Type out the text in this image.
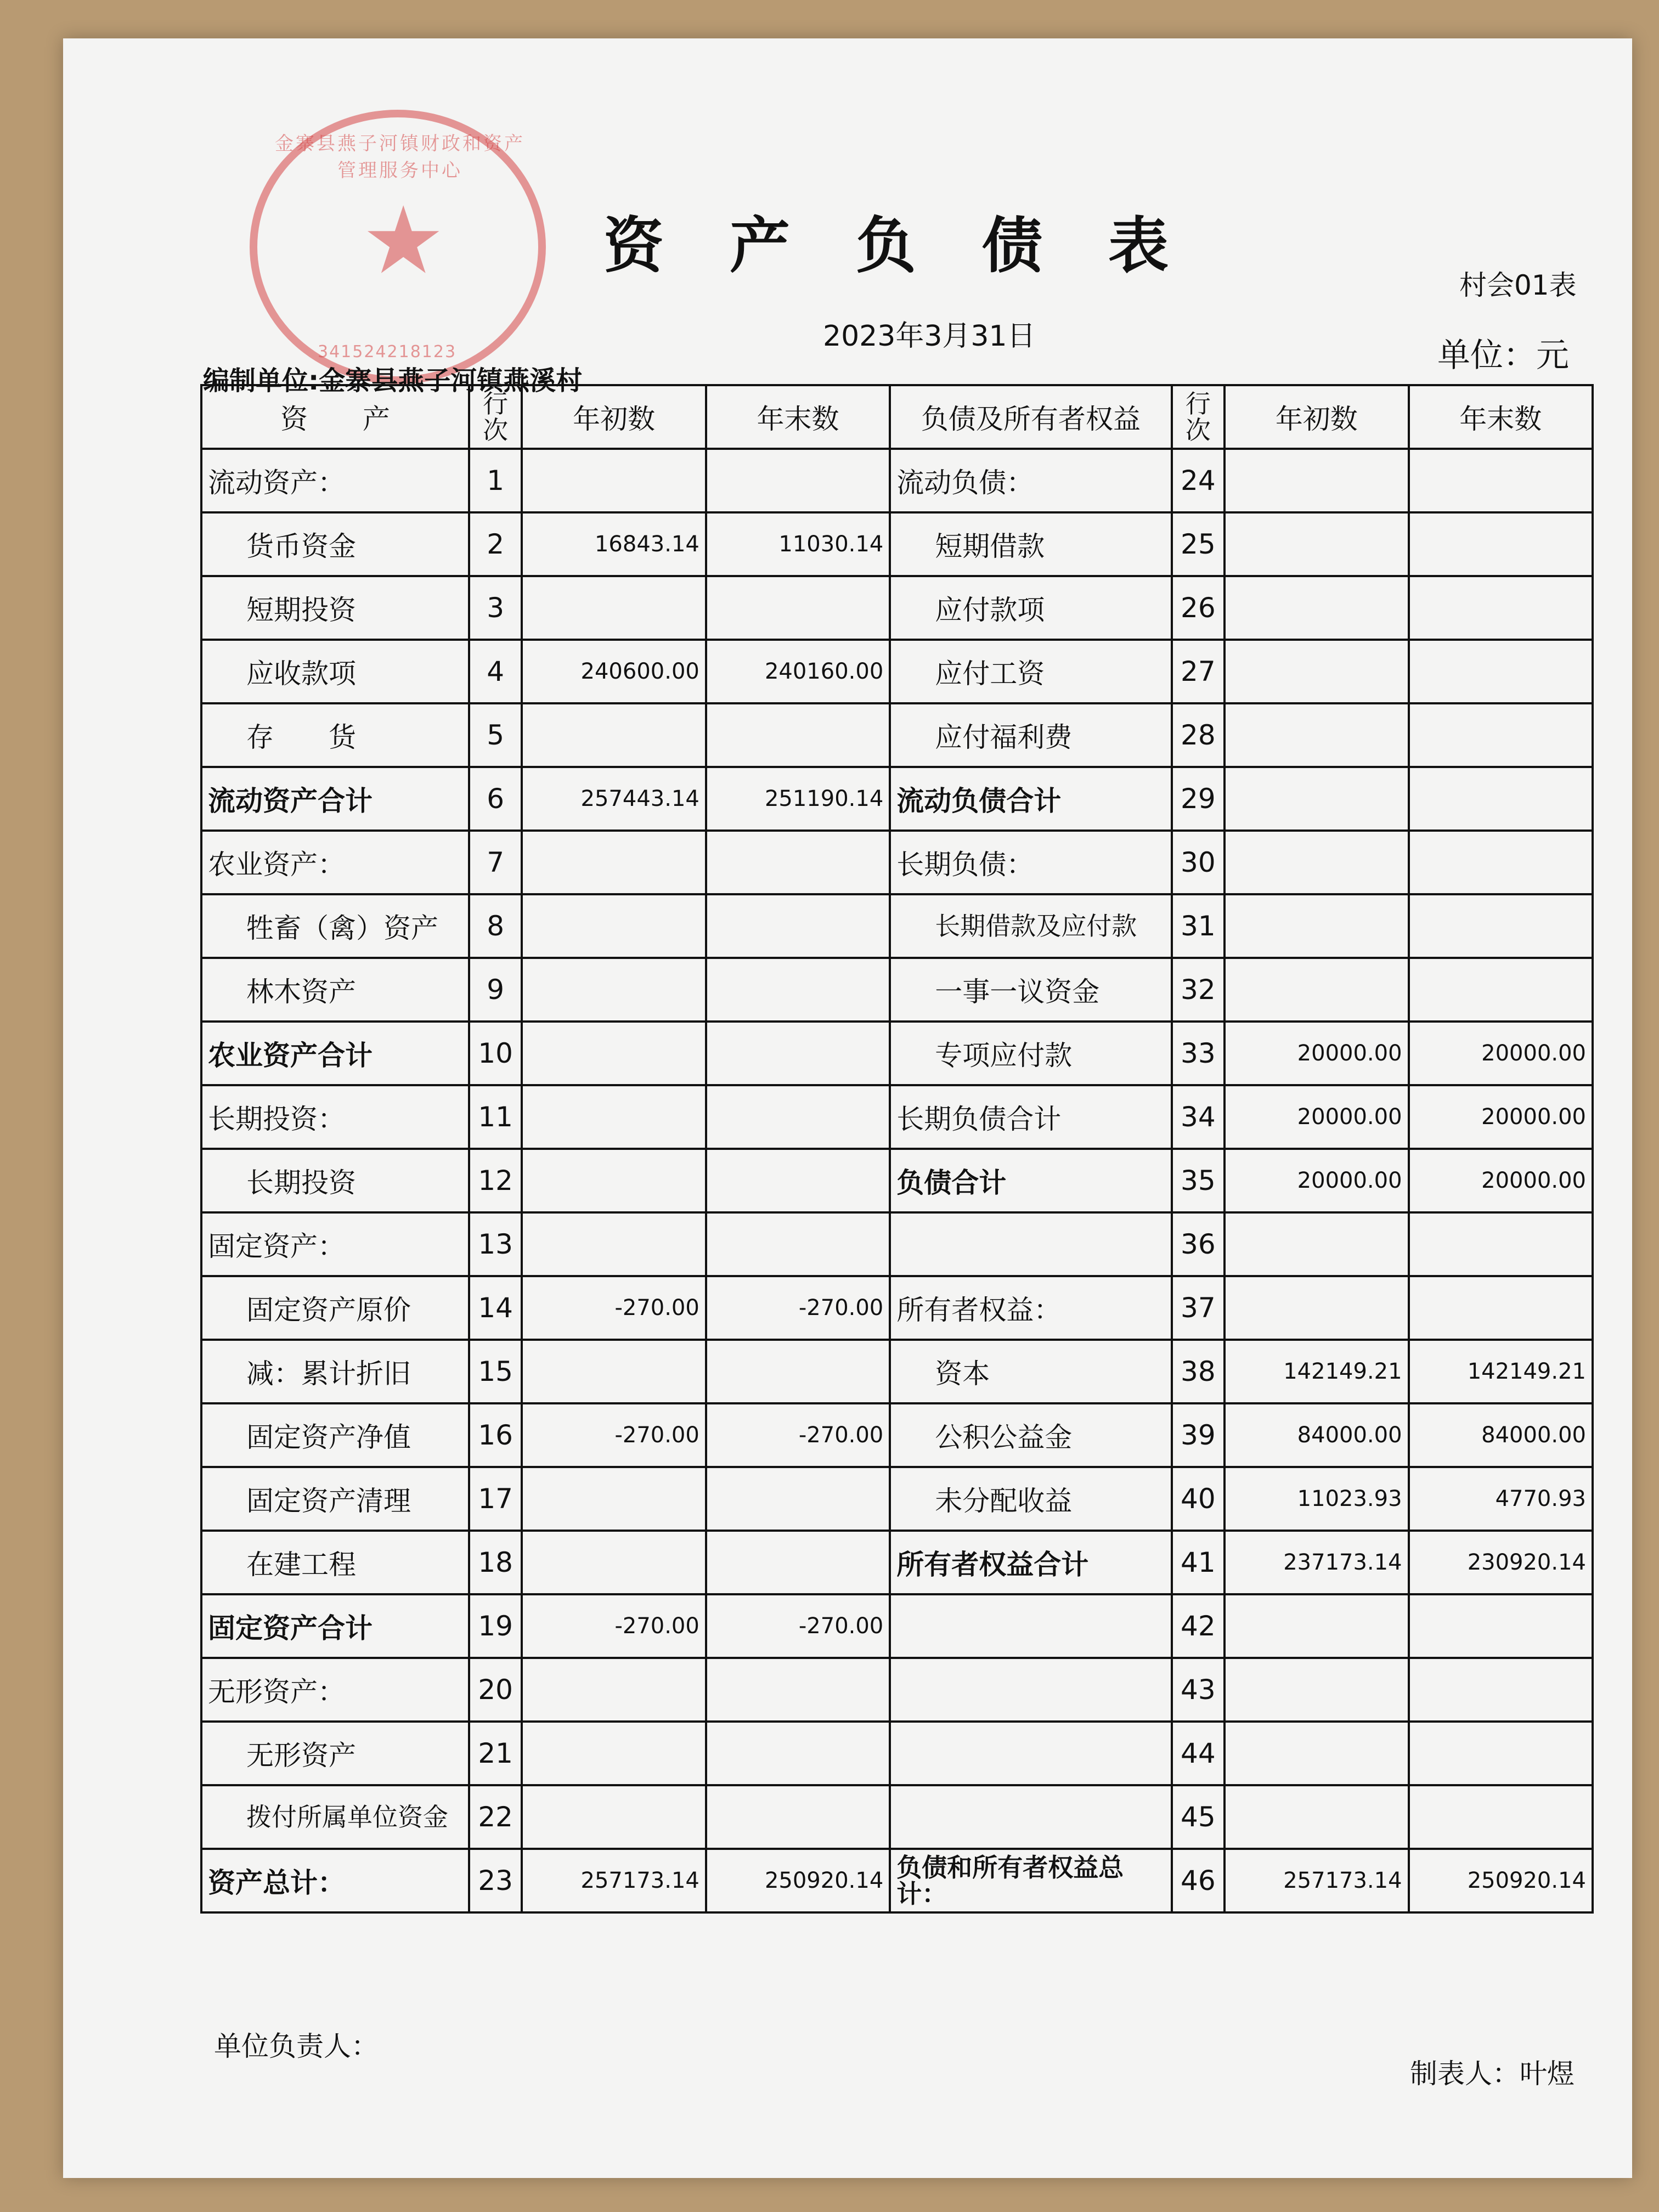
金寨县燕子河镇财政和资产管理服务中心
★
341524218123
资产负债表
村会01表
2023年3月31日	单位：元
编制单位:金寨县燕子河镇燕溪村
资　　产	行次	年初数	年末数	负债及所有者权益	行次	年初数	年末数
流动资产：	1			流动负债：	24		
货币资金	2	16843.14	11030.14	短期借款	25		
短期投资	3			应付款项	26		
应收款项	4	240600.00	240160.00	应付工资	27		
存　　货	5			应付福利费	28		
流动资产合计	6	257443.14	251190.14	流动负债合计	29		
农业资产：	7			长期负债：	30		
牲畜（禽）资产	8			长期借款及应付款	31		
林木资产	9			一事一议资金	32		
农业资产合计	10			专项应付款	33	20000.00	20000.00
长期投资：	11			长期负债合计	34	20000.00	20000.00
长期投资	12			负债合计	35	20000.00	20000.00
固定资产：	13				36		
固定资产原价	14	-270.00	-270.00	所有者权益：	37		
减：累计折旧	15			资本	38	142149.21	142149.21
固定资产净值	16	-270.00	-270.00	公积公益金	39	84000.00	84000.00
固定资产清理	17			未分配收益	40	11023.93	4770.93
在建工程	18			所有者权益合计	41	237173.14	230920.14
固定资产合计	19	-270.00	-270.00		42		
无形资产：	20				43		
无形资产	21				44		
拨付所属单位资金	22				45		
资产总计：	23	257173.14	250920.14	负债和所有者权益总计：	46	257173.14	250920.14
单位负责人：
制表人：叶煜
